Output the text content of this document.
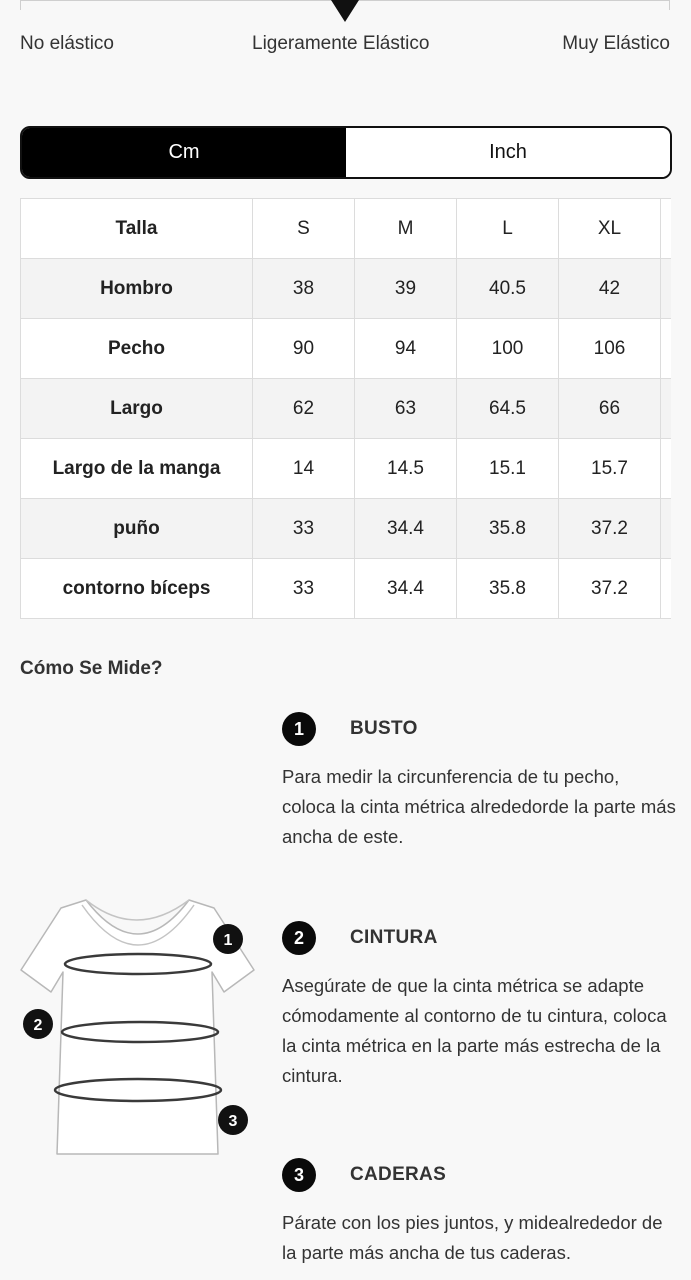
No elástico	Ligeramente Elástico	Muy Elástico
Cm	Inch
Talla	S	M	L	XL	
Hombro	38	39	40.5	42	
Pecho	90	94	100	106	
Largo	62	63	64.5	66	
Largo de la manga	14	14.5	15.1	15.7	
puño	33	34.4	35.8	37.2	
contorno bíceps	33	34.4	35.8	37.2	
Cómo Se Mide?
1
2
3
1	BUSTO
Para medir la circunferencia de tu pecho, coloca la cinta métrica alrededorde la parte más ancha de este.
2	CINTURA
Asegúrate de que la cinta métrica se adapte cómodamente al contorno de tu cintura, coloca la cinta métrica en la parte más estrecha de la cintura.
3	CADERAS
Párate con los pies juntos, y midealrededor de la parte más ancha de tus caderas.
